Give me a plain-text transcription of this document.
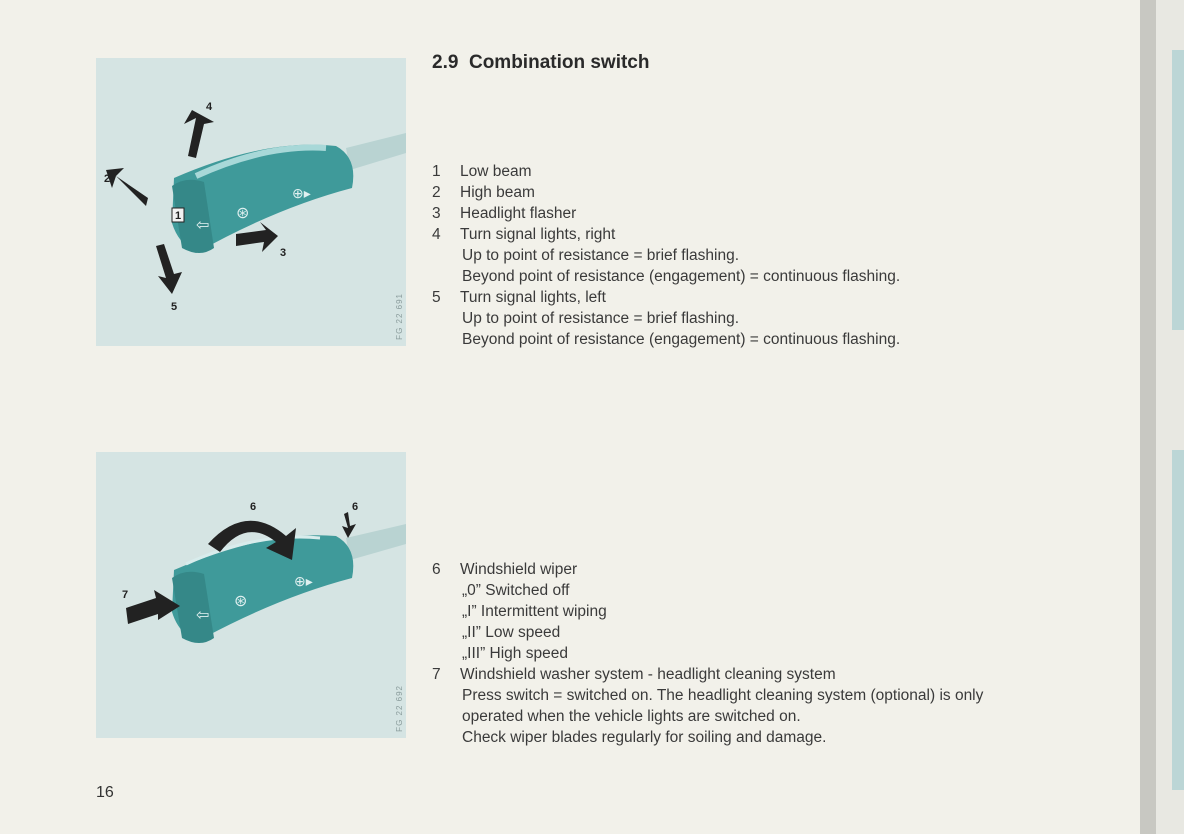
⇦
⊛
⊕▸
1
4
2
3
5	FG 22 691
2.9 Combination switch
1	Low beam
2	High beam
3	Headlight flasher
4	Turn signal lights, right
Up to point of resistance = brief flashing.
Beyond point of resistance (engagement) = continuous flashing.
5	Turn signal lights, left
Up to point of resistance = brief flashing.
Beyond point of resistance (engagement) = continuous flashing.
⇦
⊛
⊕▸
6	6
7
FG 22 692
6	Windshield wiper
„0” Switched off
„I” Intermittent wiping
„II” Low speed
„III” High speed
7	Windshield washer system - headlight cleaning system
Press switch = switched on. The headlight cleaning system (optional) is only
operated when the vehicle lights are switched on.
Check wiper blades regularly for soiling and damage.
16
